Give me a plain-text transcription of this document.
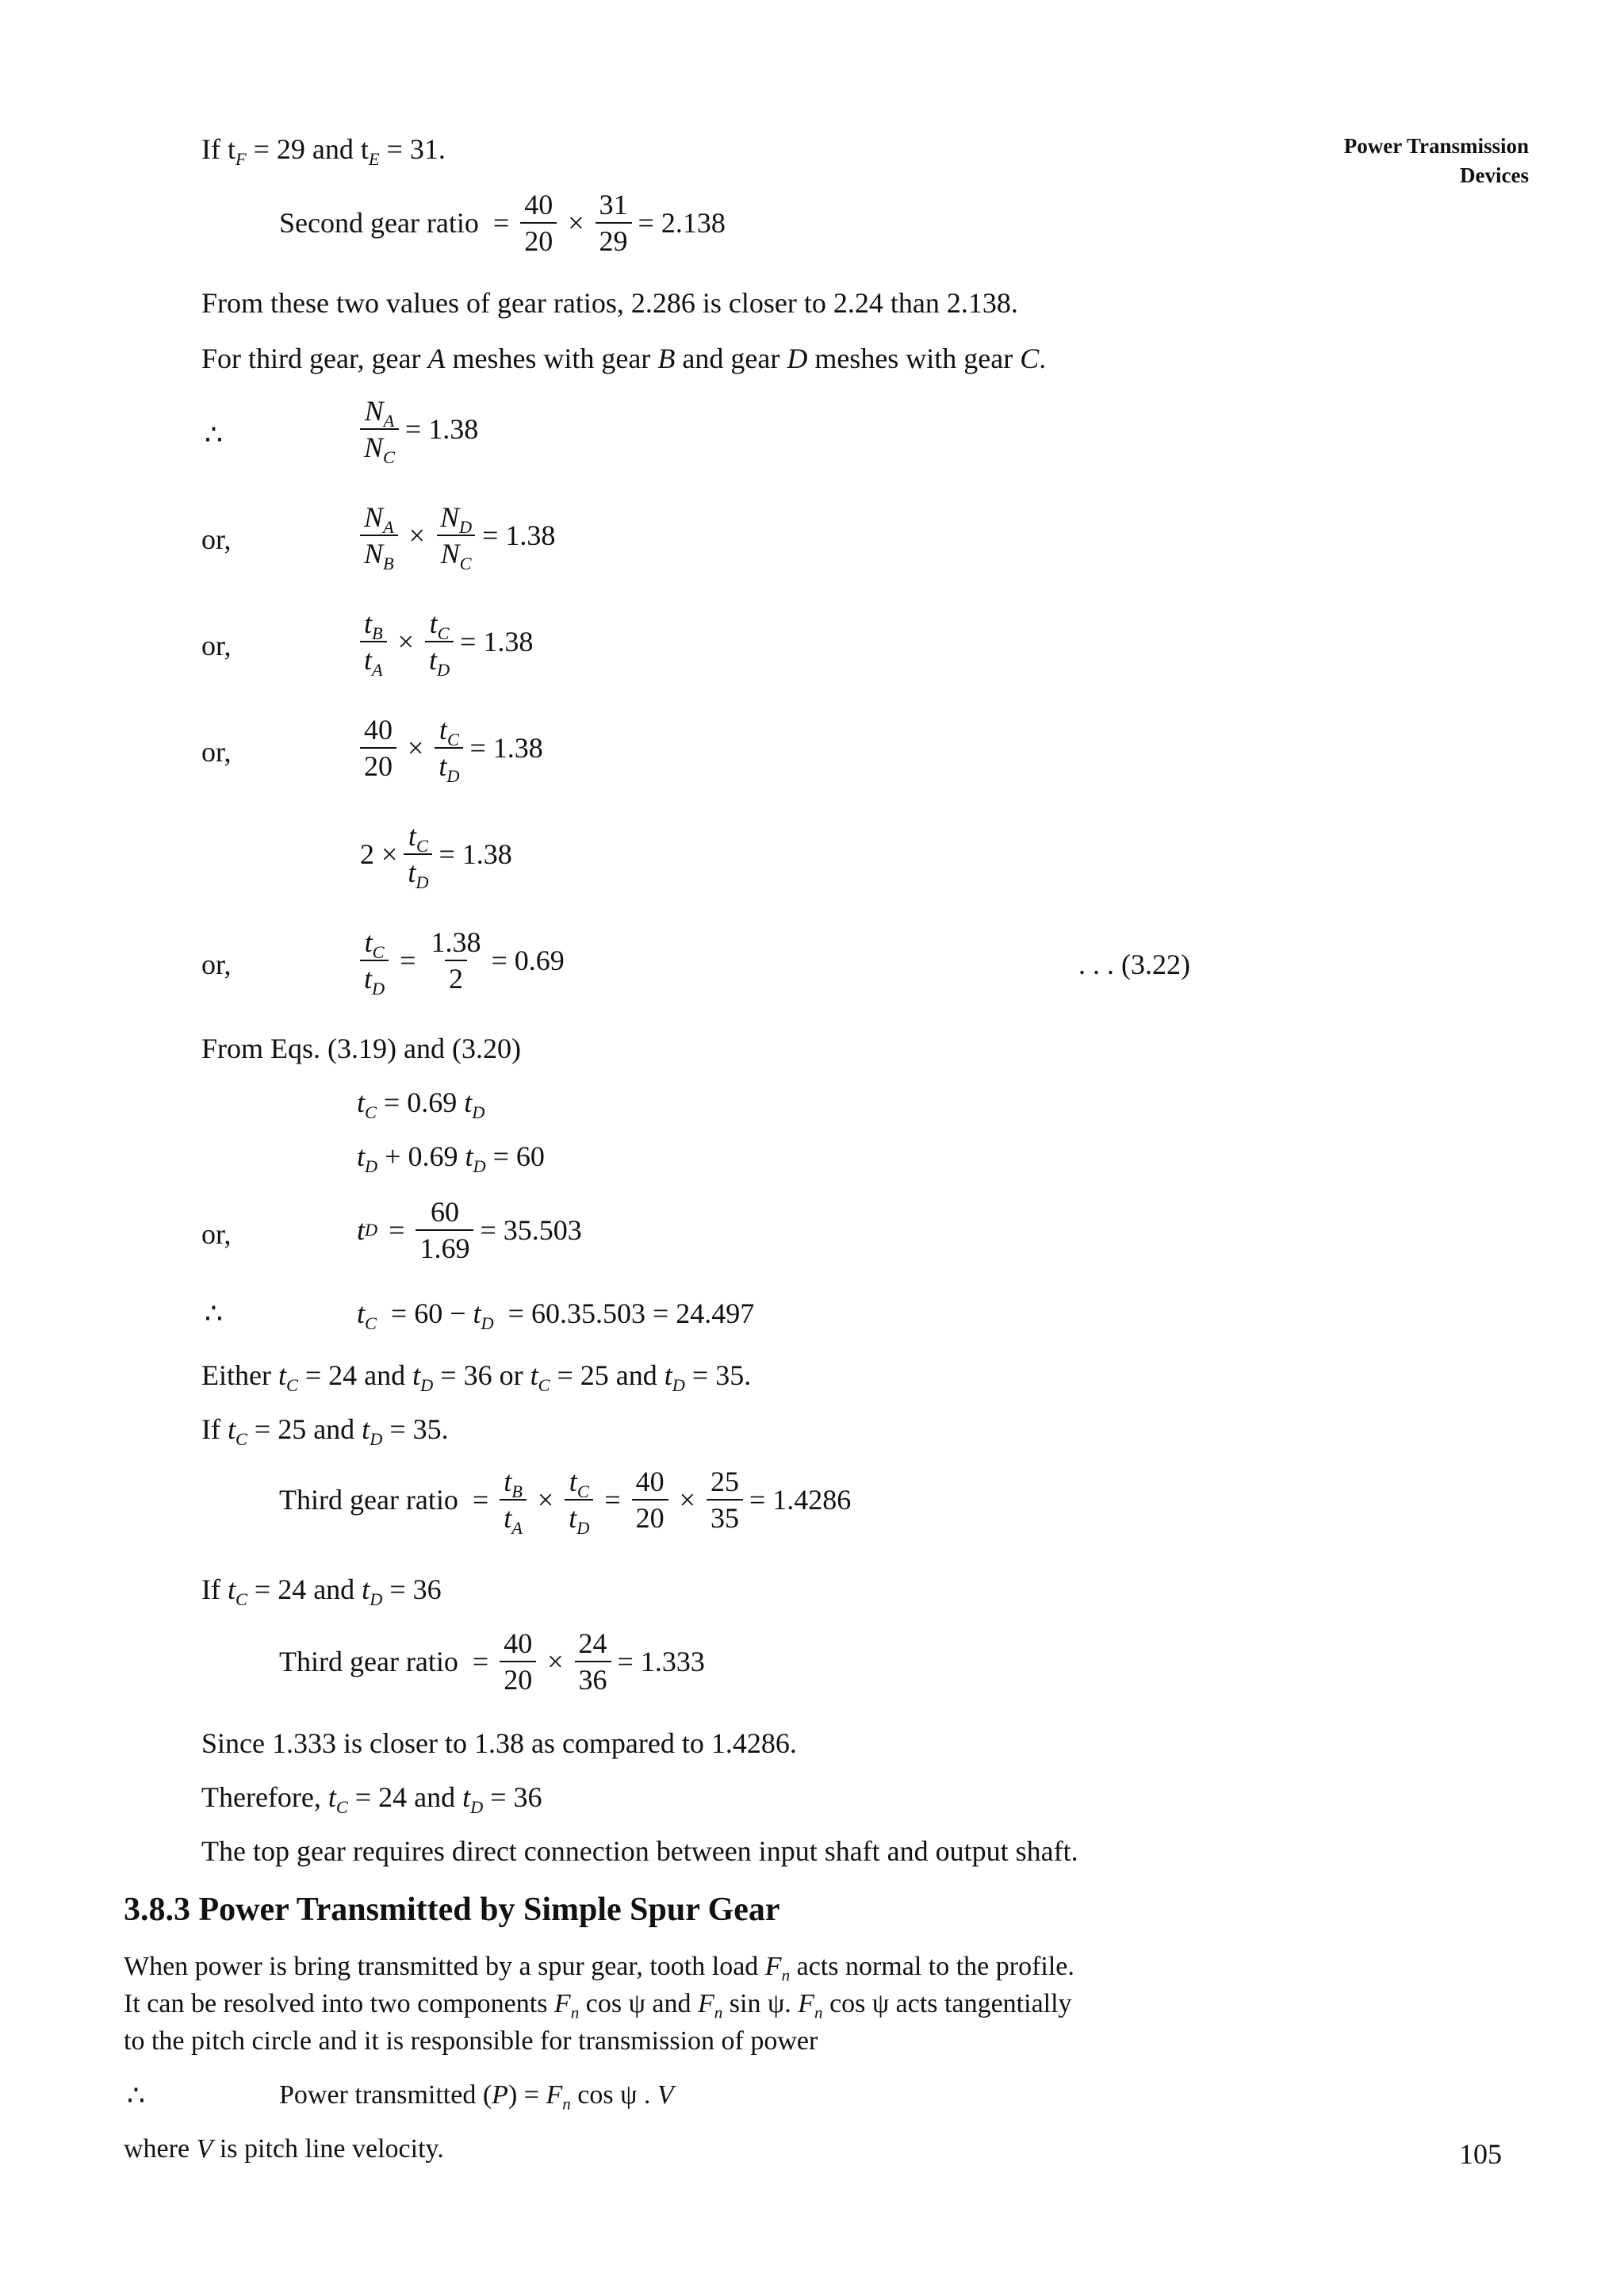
Power Transmission
Devices
If $t_F = 29$ and $t_E = 31$.
Second gear ratio = $\frac{40}{20} \times \frac{31}{29} = 2.138$
From these two values of gear ratios, 2.286 is closer to 2.24 than 2.138.
For third gear, gear A meshes with gear B and gear D meshes with gear C.
∴	$\frac{N_A}{N_C} = 1.38$
or,	$\frac{N_A}{N_B} \times \frac{N_D}{N_C} = 1.38$
or,	$\frac{t_B}{t_A} \times \frac{t_C}{t_D} = 1.38$
or,	$\frac{40}{20} \times \frac{t_C}{t_D} = 1.38$
$2 \times \frac{t_C}{t_D} = 1.38$
or,	$\frac{t_C}{t_D} = \frac{1.38}{2} = 0.69$	. . . (3.22)
From Eqs. (3.19) and (3.20)
$t_C = 0.69$ $t_D$
$t_D + 0.69$ $t_D = 60$
or,	t $D = \frac{60}{1.69} = 35.503$
∴	$t_C = 60 - t_D = 60.35.503 = 24.497$
Either $t_C = 24$ and $t_D = 36$ or $t_C = 25$ and $t_D = 35$.
If $t_C = 25$ and $t_D = 35$.
Third gear ratio = $\frac{t_B}{t_A} \times \frac{t_C}{t_D} = \frac{40}{20} \times \frac{25}{35} = 1.4286$
If $t_C = 24$ and $t_D = 36$
Third gear ratio = $\frac{40}{20} \times \frac{24}{36} = 1.333$
Since 1.333 is closer to 1.38 as compared to 1.4286.
Therefore, $t_C = 24$ and $t_D = 36$
The top gear requires direct connection between input shaft and output shaft.
3.8.3 Power Transmitted by Simple Spur Gear
When power is bring transmitted by a spur gear, tooth load $F_n$ acts normal to the profile.
It can be resolved into two components $F_n$ cos ψ and $F_n$ sin ψ. $F_n$ cos ψ acts tangentially
to the pitch circle and it is responsible for transmission of power
∴	Power transmitted $(P) = F_n$ cos ψ . V
where V is pitch line velocity.	105
